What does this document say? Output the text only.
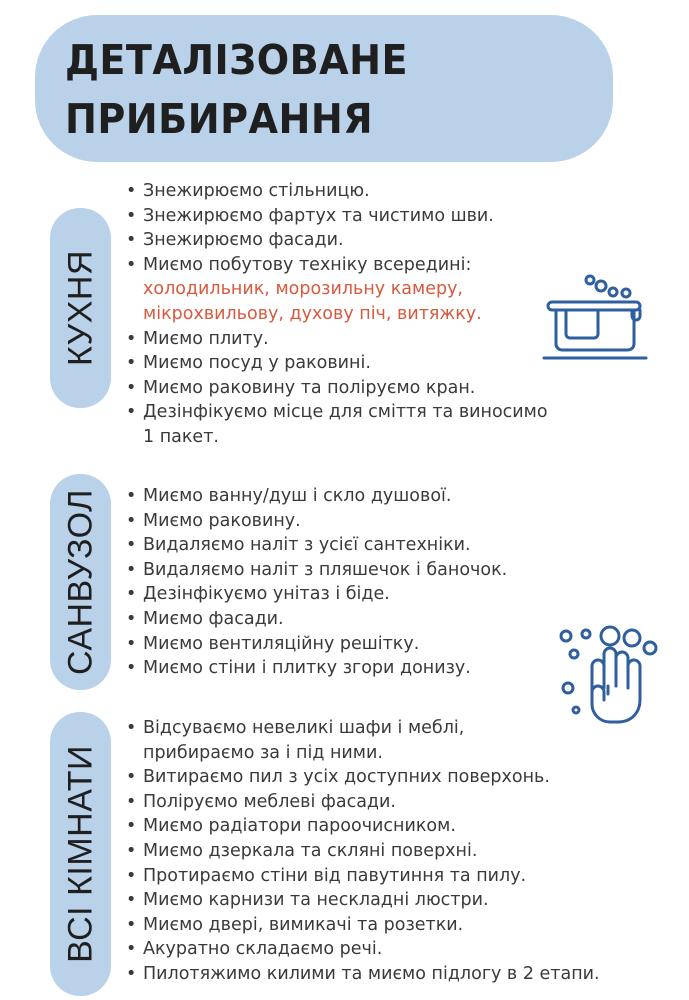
ДЕТАЛІЗОВАНЕ
ПРИБИРАННЯ
КУХНЯ
• Знежирюємо стільницю.
• Знежирюємо фартух та чистимо шви.
• Знежирюємо фасади.
• Миємо побутову техніку всередині:
холодильник, морозильну камеру,
мікрохвильову, духову піч, витяжку.
• Миємо плиту.
• Миємо посуд у раковині.
• Миємо раковину та поліруємо кран.
• Дезінфікуємо місце для сміття та виносимо
1 пакет.
САНВУЗОЛ
•	Миємо ванну/душ і скло душової.
• Миємо раковину.
• Видаляємо наліт з усієї сантехніки.
• Видаляємо наліт з пляшечок і баночок.
• Дезінфікуємо унітаз і біде.
• Миємо фасади.
• Миємо вентиляційну решітку.
• Миємо стіни і плитку згори донизу.
ВСІ КІМНАТИ
• Відсуваємо невеликі шафи і меблі,
прибираємо за і під ними.
• Витираємо пил з усіх доступних поверхонь.
• Поліруємо меблеві фасади.
• Миємо радіатори пароочисником.
• Миємо дзеркала та скляні поверхні.
• Протираємо стіни від павутиння та пилу.
• Миємо карнизи та нескладні люстри.
• Миємо двері, вимикачі та розетки.
• Акуратно складаємо речі.
• Пилотяжимо килими та миємо підлогу в 2 етапи.
